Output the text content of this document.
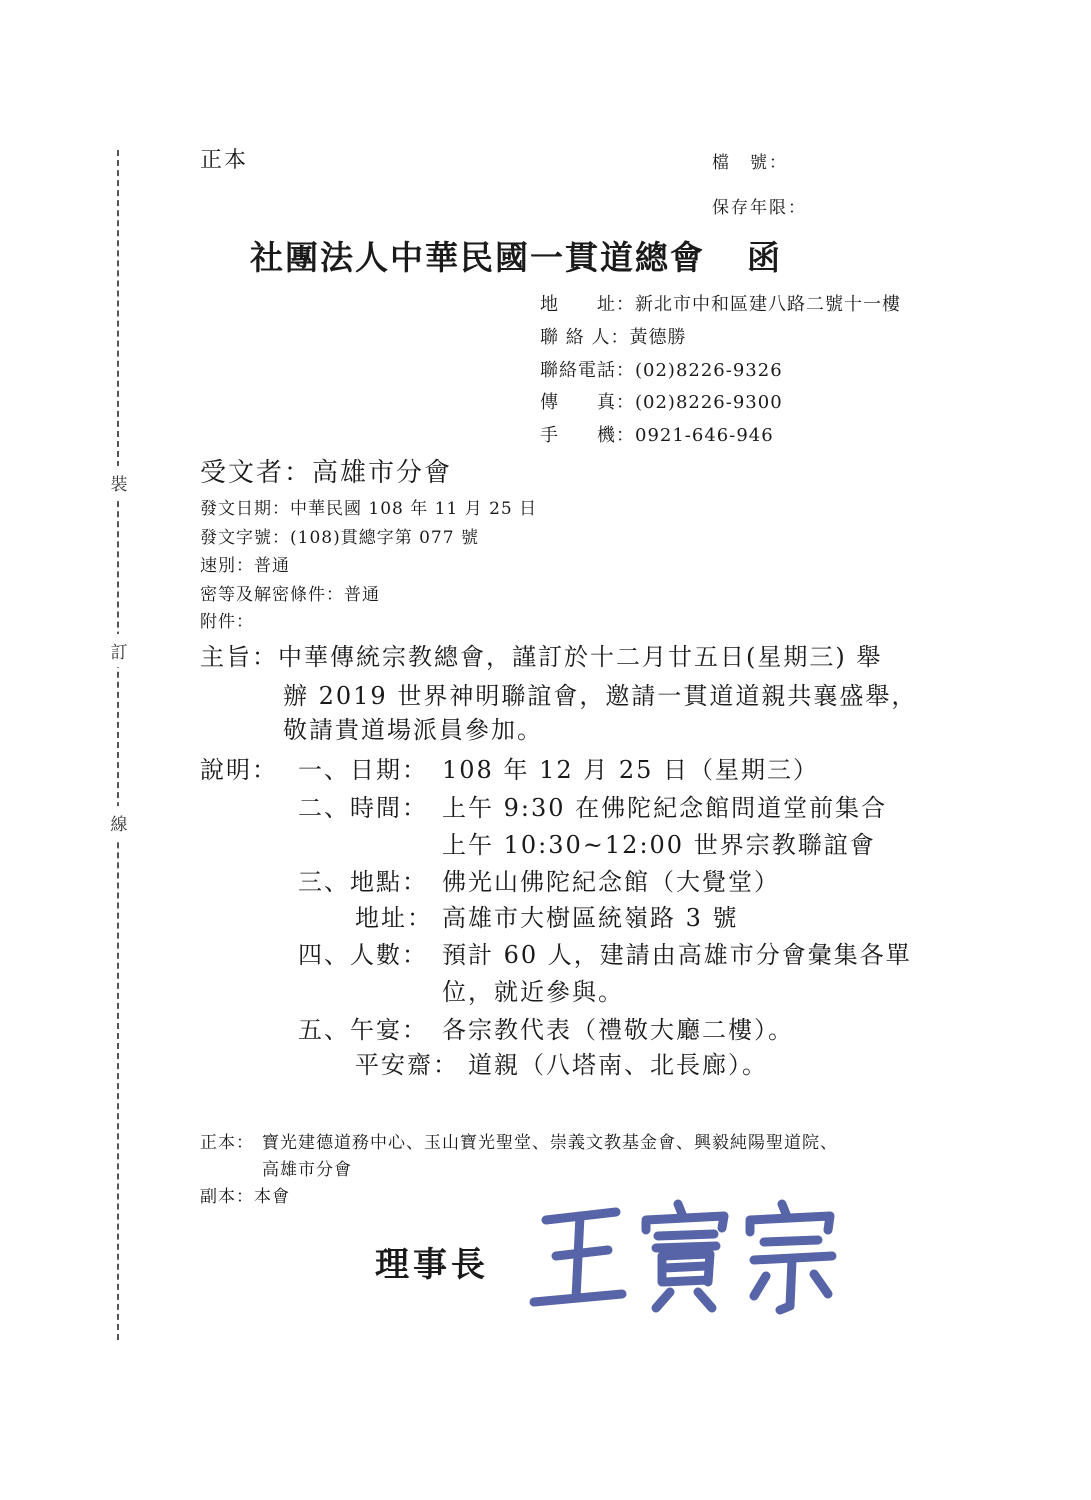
裝
訂
線
正本	檔　號：
保存年限：
社團法人中華民國一貫道總會 函
地　　址：新北市中和區建八路二號十一樓
聯 絡 人：黃德勝
聯絡電話：(02)8226-9326
傳　　真：(02)8226-9300
手　　機：0921-646-946
受文者：高雄市分會
發文日期：中華民國 108 年 11 月 25 日
發文字號：(108)貫總字第 077 號
速別：普通
密等及解密條件：普通
附件：
主旨： 中華傳統宗教總會，謹訂於十二月廿五日(星期三) 舉
辦 2019 世界神明聯誼會，邀請一貫道道親共襄盛舉，
敬請貴道場派員參加。
說明： 一、日期： 108 年 12 月 25 日（星期三）
二、時間： 上午 9:30 在佛陀紀念館問道堂前集合
上午 10:30~12:00 世界宗教聯誼會
三、地點： 佛光山佛陀紀念館（大覺堂）
地址： 高雄市大樹區統嶺路 3 號
四、人數： 預計 60 人，建請由高雄市分會彙集各單
位，就近參與。
五、午宴： 各宗教代表（禮敬大廳二樓）。
平安齋： 道親（八塔南、北長廊）。
正本： 寶光建德道務中心、玉山寶光聖堂、崇義文教基金會、興毅純陽聖道院、
高雄市分會
副本：本會
理事長
